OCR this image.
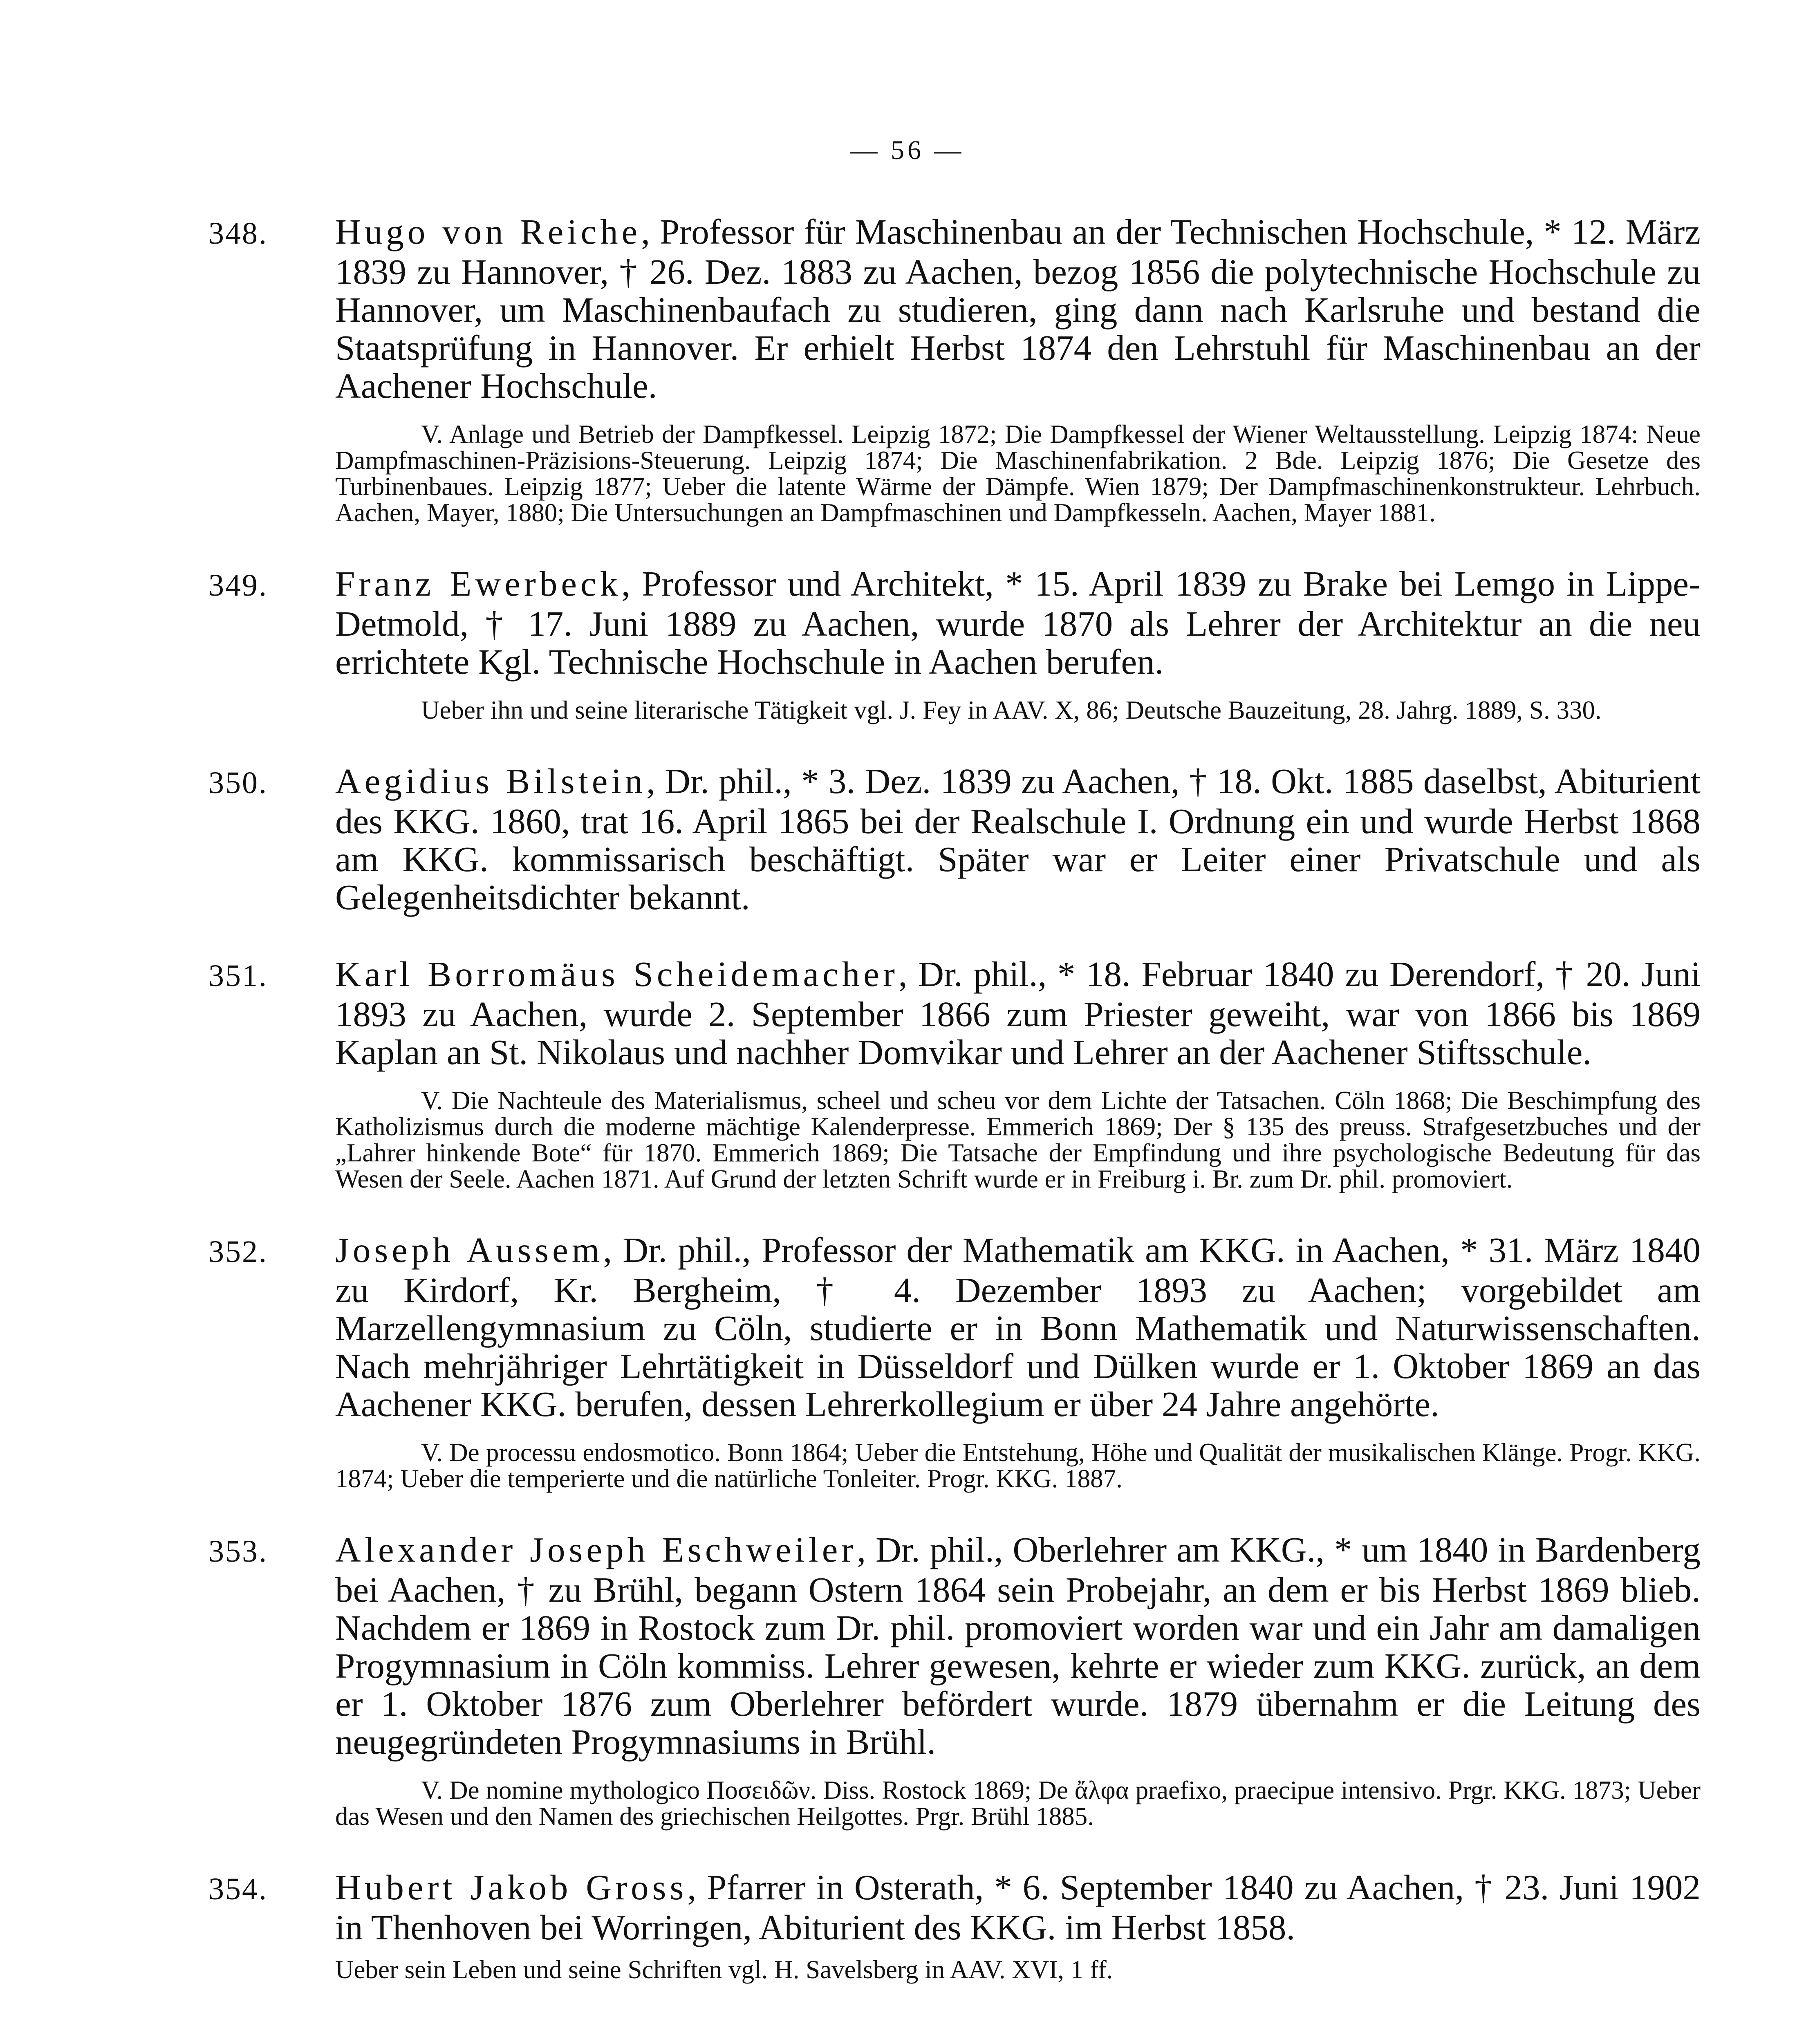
— 56 —

348. Hugo von Reiche, Professor für Maschinenbau an der Technischen Hochschule, * 12. März 1839 zu Hannover, † 26. Dez. 1883 zu Aachen, bezog 1856 die polytechnische Hochschule zu Hannover, um Maschinenbaufach zu studieren, ging dann nach Karlsruhe und bestand die Staatsprüfung in Hannover. Er erhielt Herbst 1874 den Lehrstuhl für Maschinenbau an der Aachener Hochschule.

V. Anlage und Betrieb der Dampfkessel. Leipzig 1872; Die Dampfkessel der Wiener Weltausstellung. Leipzig 1874: Neue Dampfmaschinen-Präzisions-Steuerung. Leipzig 1874; Die Maschinenfabrikation. 2 Bde. Leipzig 1876; Die Gesetze des Turbinenbaues. Leipzig 1877; Ueber die latente Wärme der Dämpfe. Wien 1879; Der Dampfmaschinenkonstrukteur. Lehrbuch. Aachen, Mayer, 1880; Die Untersuchungen an Dampfmaschinen und Dampfkesseln. Aachen, Mayer 1881.

349. Franz Ewerbeck, Professor und Architekt, * 15. April 1839 zu Brake bei Lemgo in Lippe-Detmold, † 17. Juni 1889 zu Aachen, wurde 1870 als Lehrer der Architektur an die neu errichtete Kgl. Technische Hochschule in Aachen berufen.

Ueber ihn und seine literarische Tätigkeit vgl. J. Fey in AAV. X, 86; Deutsche Bauzeitung, 28. Jahrg. 1889, S. 330.

350. Aegidius Bilstein, Dr. phil., * 3. Dez. 1839 zu Aachen, † 18. Okt. 1885 daselbst, Abiturient des KKG. 1860, trat 16. April 1865 bei der Realschule I. Ordnung ein und wurde Herbst 1868 am KKG. kommissarisch beschäftigt. Später war er Leiter einer Privatschule und als Gelegenheitsdichter bekannt.

351. Karl Borromäus Scheidemacher, Dr. phil., * 18. Februar 1840 zu Derendorf, † 20. Juni 1893 zu Aachen, wurde 2. September 1866 zum Priester geweiht, war von 1866 bis 1869 Kaplan an St. Nikolaus und nachher Domvikar und Lehrer an der Aachener Stiftsschule.

V. Die Nachteule des Materialismus, scheel und scheu vor dem Lichte der Tatsachen. Cöln 1868; Die Beschimpfung des Katholizismus durch die moderne mächtige Kalenderpresse. Emmerich 1869; Der § 135 des preuss. Strafgesetzbuches und der „Lahrer hinkende Bote“ für 1870. Emmerich 1869; Die Tatsache der Empfindung und ihre psychologische Bedeutung für das Wesen der Seele. Aachen 1871. Auf Grund der letzten Schrift wurde er in Freiburg i. Br. zum Dr. phil. promoviert.

352. Joseph Aussem, Dr. phil., Professor der Mathematik am KKG. in Aachen, * 31. März 1840 zu Kirdorf, Kr. Bergheim, † 4. Dezember 1893 zu Aachen; vorgebildet am Marzellengymnasium zu Cöln, studierte er in Bonn Mathematik und Naturwissenschaften. Nach mehrjähriger Lehrtätigkeit in Düsseldorf und Dülken wurde er 1. Oktober 1869 an das Aachener KKG. berufen, dessen Lehrerkollegium er über 24 Jahre angehörte.

V. De processu endosmotico. Bonn 1864; Ueber die Entstehung, Höhe und Qualität der musikalischen Klänge. Progr. KKG. 1874; Ueber die temperierte und die natürliche Tonleiter. Progr. KKG. 1887.

353. Alexander Joseph Eschweiler, Dr. phil., Oberlehrer am KKG., * um 1840 in Bardenberg bei Aachen, † zu Brühl, begann Ostern 1864 sein Probejahr, an dem er bis Herbst 1869 blieb. Nachdem er 1869 in Rostock zum Dr. phil. promoviert worden war und ein Jahr am damaligen Progymnasium in Cöln kommiss. Lehrer gewesen, kehrte er wieder zum KKG. zurück, an dem er 1. Oktober 1876 zum Oberlehrer befördert wurde. 1879 übernahm er die Leitung des neugegründeten Progymnasiums in Brühl.

V. De nomine mythologico Ποσειδῶν. Diss. Rostock 1869; De ἄλφα praefixo, praecipue intensivo. Prgr. KKG. 1873; Ueber das Wesen und den Namen des griechischen Heilgottes. Prgr. Brühl 1885.

354. Hubert Jakob Gross, Pfarrer in Osterath, * 6. September 1840 zu Aachen, † 23. Juni 1902 in Thenhoven bei Worringen, Abiturient des KKG. im Herbst 1858.

Ueber sein Leben und seine Schriften vgl. H. Savelsberg in AAV. XVI, 1 ff.
